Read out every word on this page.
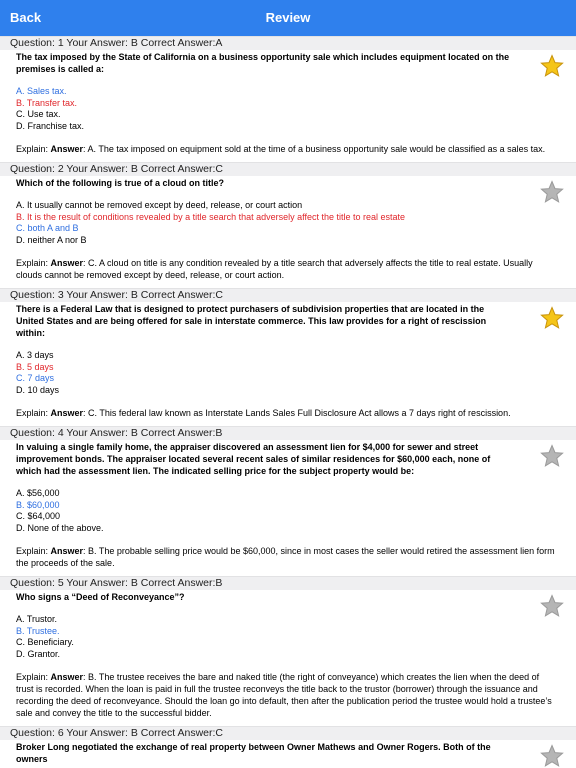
Back	Review
Question: 1 Your Answer: B Correct Answer:A
The tax imposed by the State of California on a business opportunity sale which includes equipment located on the premises is called a:
A. Sales tax.
B. Transfer tax.
C. Use tax.
D. Franchise tax.
Explain: Answer: A. The tax imposed on equipment sold at the time of a business opportunity sale would be classified as a sales tax.
Question: 2 Your Answer: B Correct Answer:C
Which of the following is true of a cloud on title?
A. It usually cannot be removed except by deed, release, or court action
B. It is the result of conditions revealed by a title search that adversely affect the title to real estate
C. both A and B
D. neither A nor B
Explain: Answer: C. A cloud on title is any condition revealed by a title search that adversely affects the title to real estate. Usually clouds cannot be removed except by deed, release, or court action.
Question: 3 Your Answer: B Correct Answer:C
There is a Federal Law that is designed to protect purchasers of subdivision properties that are located in the United States and are being offered for sale in interstate commerce. This law provides for a right of rescission within:
A. 3 days
B. 5 days
C. 7 days
D. 10 days
Explain: Answer: C. This federal law known as Interstate Lands Sales Full Disclosure Act allows a 7 days right of rescission.
Question: 4 Your Answer: B Correct Answer:B
In valuing a single family home, the appraiser discovered an assessment lien for $4,000 for sewer and street improvement bonds. The appraiser located several recent sales of similar residences for $60,000 each, none of which had the assessment lien. The indicated selling price for the subject property would be:
A. $56,000
B. $60,000
C. $64,000
D. None of the above.
Explain: Answer: B. The probable selling price would be $60,000, since in most cases the seller would retired the assessment lien form the proceeds of the sale.
Question: 5 Your Answer: B Correct Answer:B
Who signs a “Deed of Reconveyance”?
A. Trustor.
B. Trustee.
C. Beneficiary.
D. Grantor.
Explain: Answer: B. The trustee receives the bare and naked title (the right of conveyance) which creates the lien when the deed of trust is recorded. When the loan is paid in full the trustee reconveys the title back to the trustor (borrower) through the issuance and recording the deed of reconveyance. Should the loan go into default, then after the publication period the trustee would hold a trustee’s sale and convey the title to the successful bidder.
Question: 6 Your Answer: B Correct Answer:C
Broker Long negotiated the exchange of real property between Owner Mathews and Owner Rogers. Both of the owners
